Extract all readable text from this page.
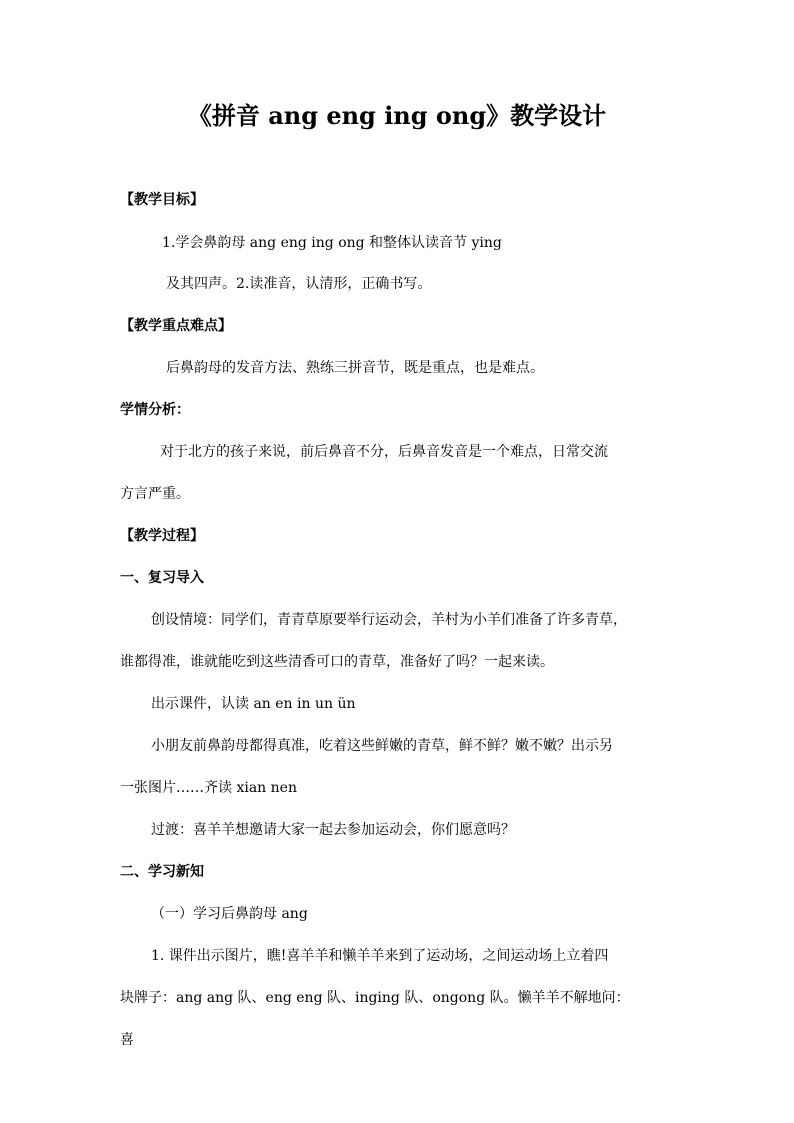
《拼音 ang eng ing ong》教学设计
【教学目标】
1.学会鼻韵母 ang eng ing ong 和整体认读音节 ying
及其四声。2.读准音，认清形，正确书写。
【教学重点难点】
后鼻韵母的发音方法、熟练三拼音节，既是重点，也是难点。
学情分析：
对于北方的孩子来说，前后鼻音不分，后鼻音发音是一个难点，日常交流
方言严重。
【教学过程】
一、复习导入
创设情境：同学们，青青草原要举行运动会，羊村为小羊们准备了许多青草，
谁都得准，谁就能吃到这些清香可口的青草，准备好了吗？一起来读。
出示课件，认读 an en in un ün
小朋友前鼻韵母都得真准，吃着这些鲜嫩的青草，鲜不鲜？嫩不嫩？出示另
一张图片……齐读 xian nen
过渡：喜羊羊想邀请大家一起去参加运动会，你们愿意吗？
二、学习新知
（一）学习后鼻韵母 ang
1. 课件出示图片，瞧!喜羊羊和懒羊羊来到了运动场，之间运动场上立着四
块牌子：ang ang 队、eng eng 队、inging 队、ongong 队。懒羊羊不解地问：
喜
